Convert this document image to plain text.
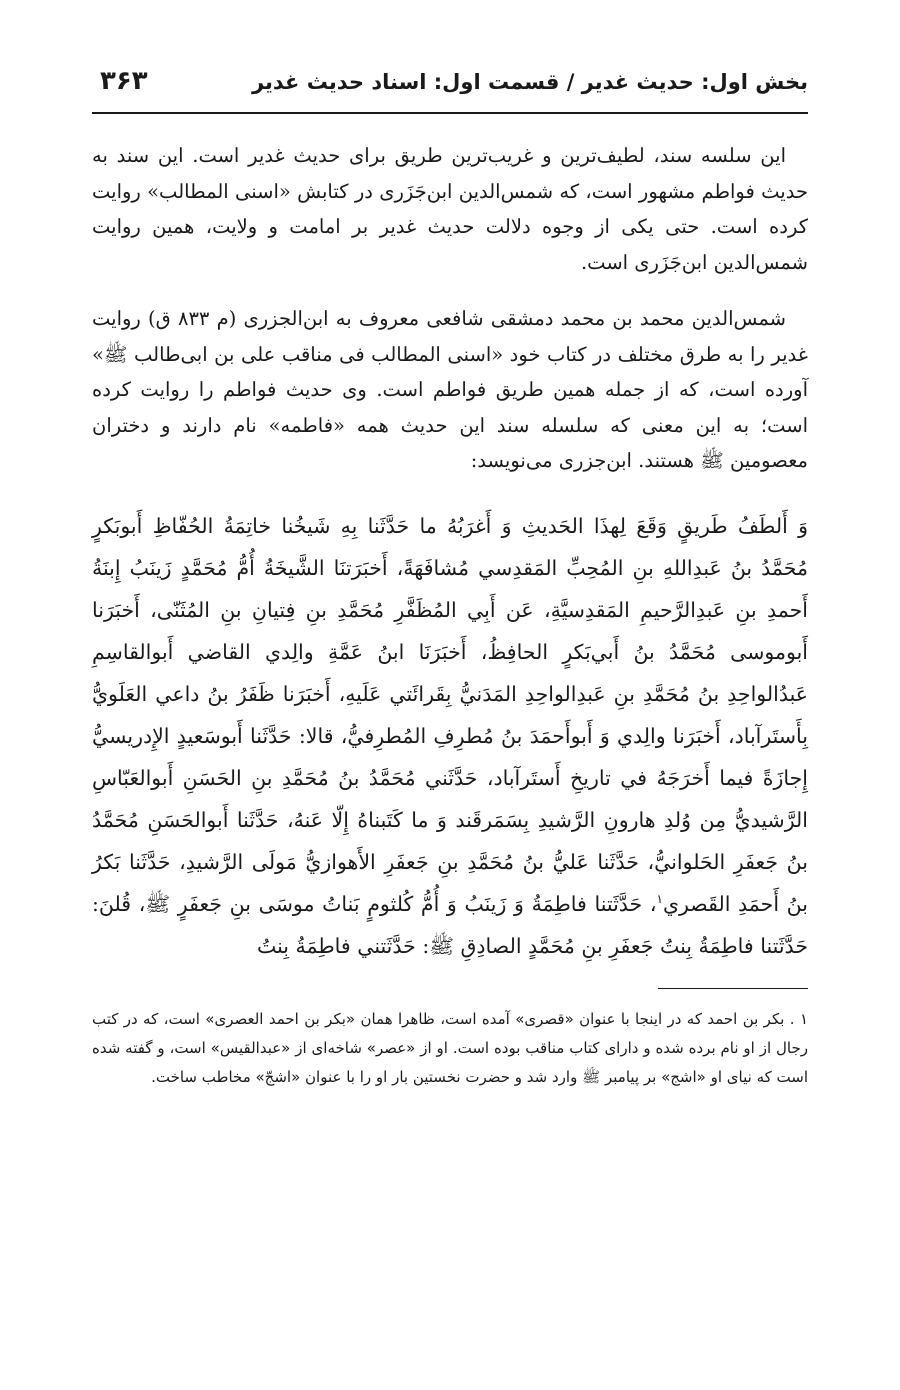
بخش اول: حدیث غدیر / قسمت اول: اسناد حدیث غدیر
۳۶۳

این سلسه سند، لطیف‌ترین و غریب‌ترین طریق برای حدیث غدیر است. این سند به حدیث فواطم مشهور است، که شمس‌الدین ابن‌جَزَری در کتابش «اسنی المطالب» روایت کرده است. حتی یکی از وجوه دلالت حدیث غدیر بر امامت و ولایت، همین روایت شمس‌الدین ابن‌جَزَری است.

شمس‌الدین محمد بن محمد دمشقی شافعی معروف به ابن‌الجزری (م ۸۳۳ ق) روایت غدیر را به طرق مختلف در کتاب خود «اسنی المطالب فی مناقب علی بن ابی‌طالب ﷺ» آورده است، که از جمله همین طریق فواطم است. وی حدیث فواطم را روایت کرده است؛ به این معنی که سلسله سند این حدیث همه «فاطمه» نام دارند و دختران معصومین ﷺ هستند. ابن‌جزری می‌نویسد:

وَ أَلطَفُ طَريقٍ وَقَعَ لِهذَا الحَديثِ وَ أَغرَبُهُ ما حَدَّثَنا بِهِ شَيخُنا خاتِمَةُ الحُفّاظِ أَبوبَكرٍ مُحَمَّدُ بنُ عَبدِاللهِ بنِ المُحِبِّ المَقدِسي مُشافَهَةً، أَخبَرَتنَا الشَّيخَةُ أُمُّ مُحَمَّدٍ زَينَبُ إِبنَةُ أَحمدِ بنِ عَبدِالرَّحيمِ المَقدِسيَّةِ، عَن أَبِي المُظَفَّرِ مُحَمَّدِ بنِ فِتيانِ بنِ المُثَنّى، أَخبَرَنا أَبوموسى مُحَمَّدُ بنُ أَبي‌بَكرٍ الحافِظُ، أَخبَرَنَا ابنُ عَمَّةِ والِدي القاضي أَبوالقاسِمِ عَبدُالواحِدِ بنُ مُحَمَّدِ بنِ عَبدِالواحِدِ المَدَنيُّ بِقَرائَتي عَلَيهِ، أَخبَرَنا ظَفَرُ بنُ داعي العَلَويُّ بِأَستَرآباد، أَخبَرَنا والِدي وَ أَبوأَحمَدَ بنُ مُطرِفِ المُطرِفيُّ، قالا: حَدَّثَنا أَبوسَعيدٍ الإِدريسيُّ إِجازَةً فيما أَخرَجَهُ في تاريخِ أَستَرآباد، حَدَّثَني مُحَمَّدُ بنُ مُحَمَّدِ بنِ الحَسَنِ أَبوالعَبّاسِ الرَّشيديُّ مِن وُلدِ هارونِ الرَّشيدِ بِسَمَرقَند وَ ما كَتَبناهُ إِلّا عَنهُ، حَدَّثَنا أَبوالحَسَنِ مُحَمَّدُ بنُ جَعفَرِ الحَلوانيُّ، حَدَّثَنا عَليُّ بنُ مُحَمَّدِ بنِ جَعفَرِ الأَهوازيُّ مَولَى الرَّشيدِ، حَدَّثَنا بَكرُ بنُ أَحمَدِ القَصري$^۱$، حَدَّثَتنا فاطِمَةُ وَ زَينَبُ وَ أُمُّ كُلثومٍ بَناتُ موسَى بنِ جَعفَرٍ ﷺ، قُلنَ: حَدَّثَتنا فاطِمَةُ بِنتُ جَعفَرِ بنِ مُحَمَّدٍ الصادِقِ ﷺ: حَدَّثَتني فاطِمَةُ بِنتُ

۱ . بکر بن احمد که در اینجا با عنوان «قصری» آمده است، ظاهرا همان «بکر بن احمد العصری» است، که در کتب رجال از او نام برده شده و دارای کتاب مناقب بوده است. او از «عصر» شاخه‌ای از «عبدالقیس» است، و گفته شده است که نیای او «اشج» بر پیامبر ﷺ وارد شد و حضرت نخستین بار او را با عنوان «اشجّ» مخاطب ساخت.
